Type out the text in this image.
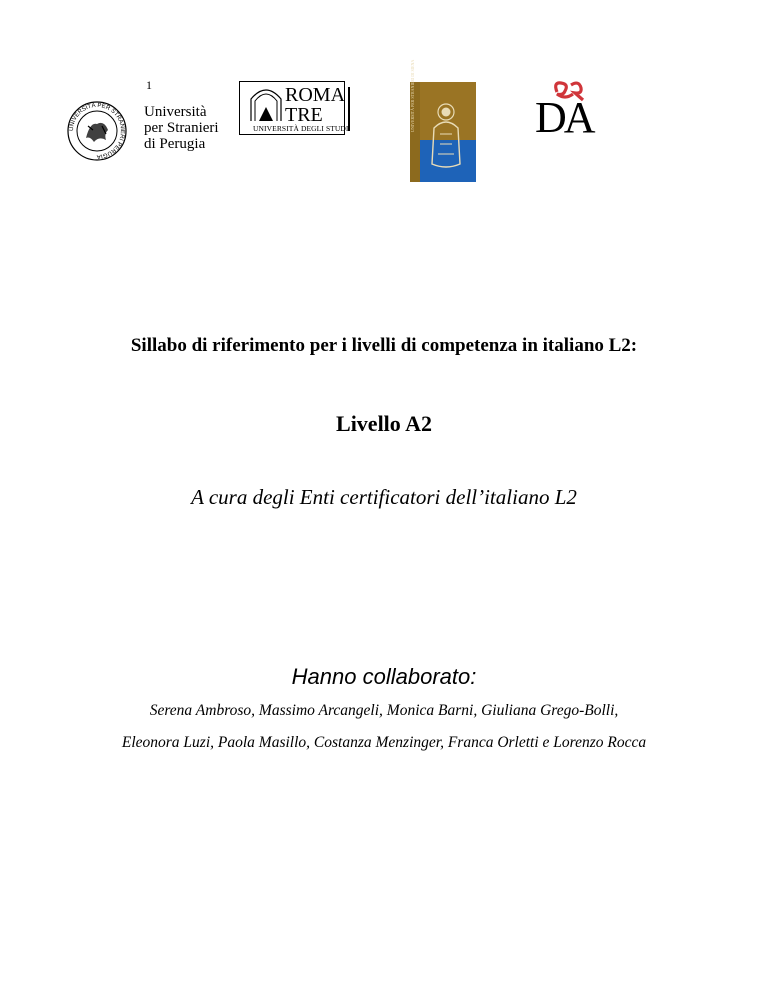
1
UNIVERSITÀ PER STRANIERI PERUGIA
Università
per Stranieri
di Perugia
ROMA
TRE
UNIVERSITÀ DEGLI STUDI	UNIVERSITÀ PER STRANIERI DI SIENA	DA
Sillabo di riferimento per i livelli di competenza in italiano L2:
Livello A2

A cura degli Enti certificatori dell’italiano L2

Hanno collaborato:

Serena Ambroso, Massimo Arcangeli, Monica Barni, Giuliana Grego-Bolli,

Eleonora Luzi, Paola Masillo, Costanza Menzinger, Franca Orletti e Lorenzo Rocca
